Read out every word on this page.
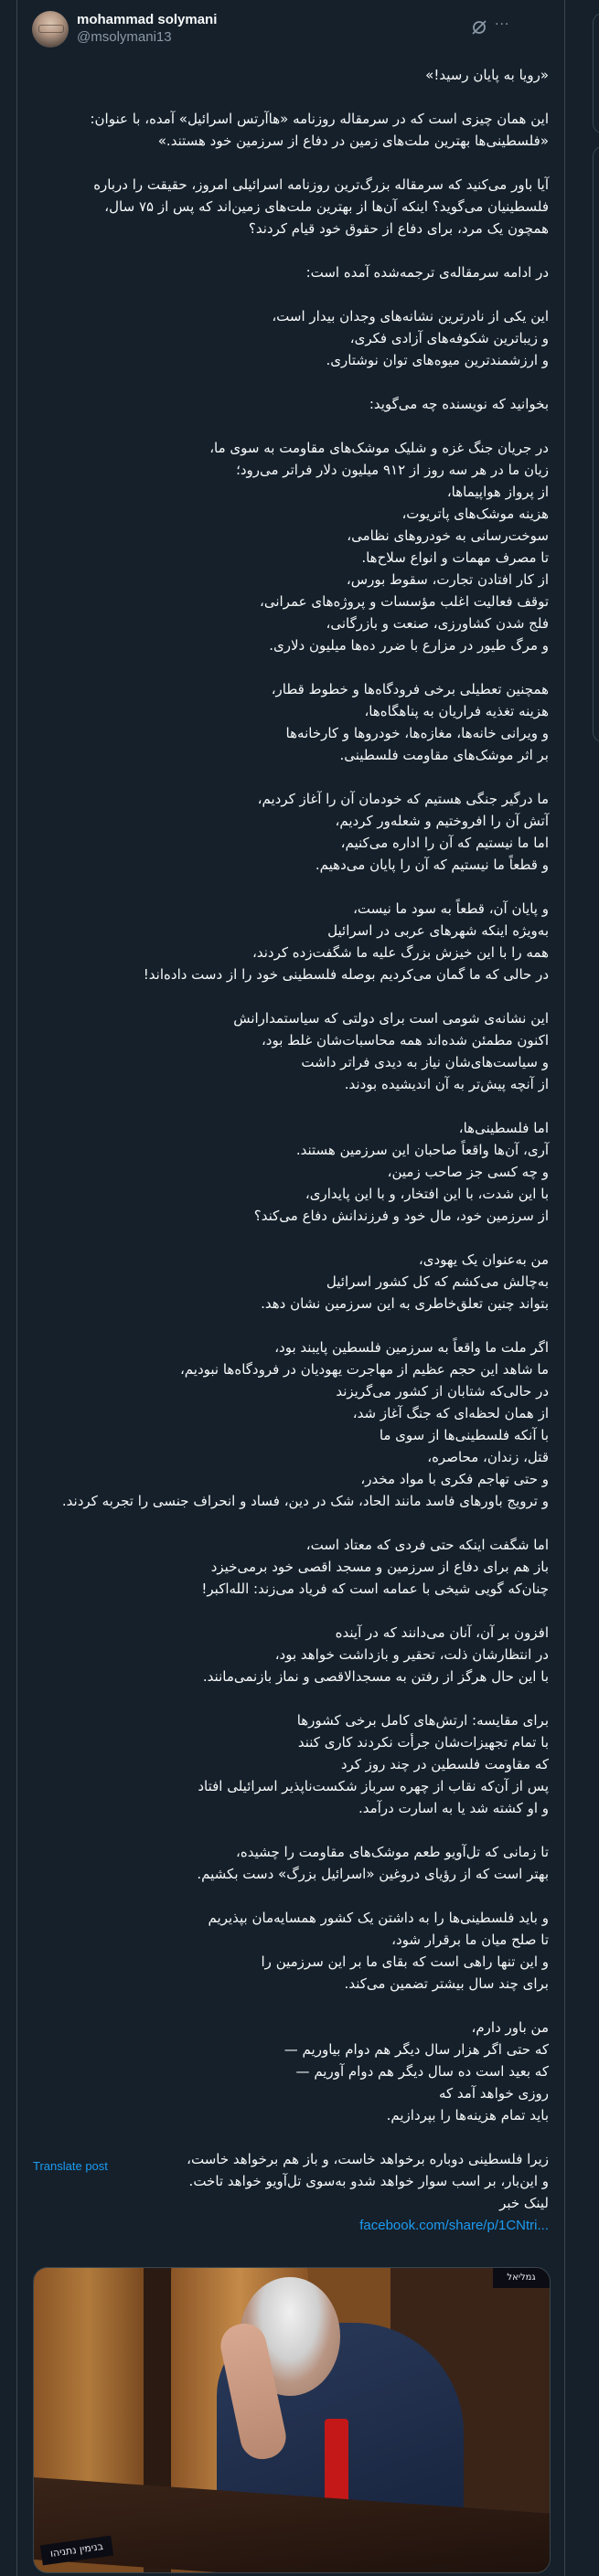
mohammad solymani
@msolymani13
···
«رویا به پایان رسید!»
این همان چیزی است که در سرمقاله روزنامه «هاآرتس اسرائیل» آمده، با عنوان:
«فلسطینی‌ها بهترین ملت‌های زمین در دفاع از سرزمین خود هستند.»
آیا باور می‌کنید که سرمقاله بزرگ‌ترین روزنامه اسرائیلی امروز، حقیقت را درباره
فلسطینیان می‌گوید؟ اینکه آن‌ها از بهترین ملت‌های زمین‌اند که پس از ۷۵ سال،
همچون یک مرد، برای دفاع از حقوق خود قیام کردند؟
در ادامه سرمقاله‌ی ترجمه‌شده آمده است:
این یکی از نادرترین نشانه‌های وجدان بیدار است،
و زیباترین شکوفه‌های آزادی فکری،
و ارزشمندترین میوه‌های توان نوشتاری.
بخوانید که نویسنده چه می‌گوید:
در جریان جنگ غزه و شلیک موشک‌های مقاومت به سوی ما،
زیان ما در هر سه روز از ۹۱۲ میلیون دلار فراتر می‌رود؛
از پرواز هواپیماها،
هزینه موشک‌های پاتریوت،
سوخت‌رسانی به خودروهای نظامی،
تا مصرف مهمات و انواع سلاح‌ها.
از کار افتادن تجارت، سقوط بورس،
توقف فعالیت اغلب مؤسسات و پروژه‌های عمرانی،
فلج شدن کشاورزی، صنعت و بازرگانی،
و مرگ طیور در مزارع با ضرر ده‌ها میلیون دلاری.
همچنین تعطیلی برخی فرودگاه‌ها و خطوط قطار،
هزینه تغذیه فراریان به پناهگاه‌ها،
و ویرانی خانه‌ها، مغازه‌ها، خودروها و کارخانه‌ها
بر اثر موشک‌های مقاومت فلسطینی.
ما درگیر جنگی هستیم که خودمان آن را آغاز کردیم،
آتش آن را افروختیم و شعله‌ور کردیم،
اما ما نیستیم که آن را اداره می‌کنیم،
و قطعاً ما نیستیم که آن را پایان می‌دهیم.
و پایان آن، قطعاً به سود ما نیست،
به‌ویژه اینکه شهرهای عربی در اسرائیل
همه را با این خیزش بزرگ علیه ما شگفت‌زده کردند،
در حالی که ما گمان می‌کردیم بوصله فلسطینی خود را از دست داده‌اند!
این نشانه‌ی شومی است برای دولتی که سیاستمدارانش
اکنون مطمئن شده‌اند همه محاسبات‌شان غلط بود،
و سیاست‌های‌شان نیاز به دیدی فراتر داشت
از آنچه پیش‌تر به آن اندیشیده بودند.
اما فلسطینی‌ها،
آری، آن‌ها واقعاً صاحبان این سرزمین هستند.
و چه کسی جز صاحب زمین،
با این شدت، با این افتخار، و با این پایداری،
از سرزمین خود، مال خود و فرزندانش دفاع می‌کند؟
من به‌عنوان یک یهودی،
به‌چالش می‌کشم که کل کشور اسرائیل
بتواند چنین تعلق‌خاطری به این سرزمین نشان دهد.
اگر ملت ما واقعاً به سرزمین فلسطین پایبند بود،
ما شاهد این حجم عظیم از مهاجرت یهودیان در فرودگاه‌ها نبودیم،
در حالی‌که شتابان از کشور می‌گریزند
از همان لحظه‌ای که جنگ آغاز شد،
با آنکه فلسطینی‌ها از سوی ما
قتل، زندان، محاصره،
و حتی تهاجم فکری با مواد مخدر،
و ترویج باورهای فاسد مانند الحاد، شک در دین، فساد و انحراف جنسی را تجربه کردند.
اما شگفت اینکه حتی فردی که معتاد است،
باز هم برای دفاع از سرزمین و مسجد اقصی خود برمی‌خیزد
چنان‌که گویی شیخی با عمامه است که فریاد می‌زند: الله‌اکبر!
افزون بر آن، آنان می‌دانند که در آینده
در انتظارشان ذلت، تحقیر و بازداشت خواهد بود،
با این حال هرگز از رفتن به مسجدالاقصی و نماز بازنمی‌مانند.
برای مقایسه: ارتش‌های کامل برخی کشورها
با تمام تجهیزات‌شان جرأت نکردند کاری کنند
که مقاومت فلسطین در چند روز کرد
پس از آن‌که نقاب از چهره سرباز شکست‌ناپذیر اسرائیلی افتاد
و او کشته شد یا به اسارت درآمد.
تا زمانی که تل‌آویو طعم موشک‌های مقاومت را چشیده،
بهتر است که از رؤیای دروغین «اسرائیل بزرگ» دست بکشیم.
و باید فلسطینی‌ها را به داشتن یک کشور همسایه‌مان بپذیریم
تا صلح میان ما برقرار شود،
و این تنها راهی است که بقای ما بر این سرزمین را
برای چند سال بیشتر تضمین می‌کند.
من باور دارم،
که حتی اگر هزار سال دیگر هم دوام بیاوریم —
که بعید است ده سال دیگر هم دوام آوریم —
روزی خواهد آمد که
باید تمام هزینه‌ها را بپردازیم.
زیرا فلسطینی دوباره برخواهد خاست، و باز هم برخواهد خاست،
و این‌بار، بر اسب سوار خواهد شدو به‌سوی تل‌آویو خواهد تاخت.
لینک خبر
facebook.com/share/p/1CNtri...
Translate post
בנימין נתניהו
גמליאל
